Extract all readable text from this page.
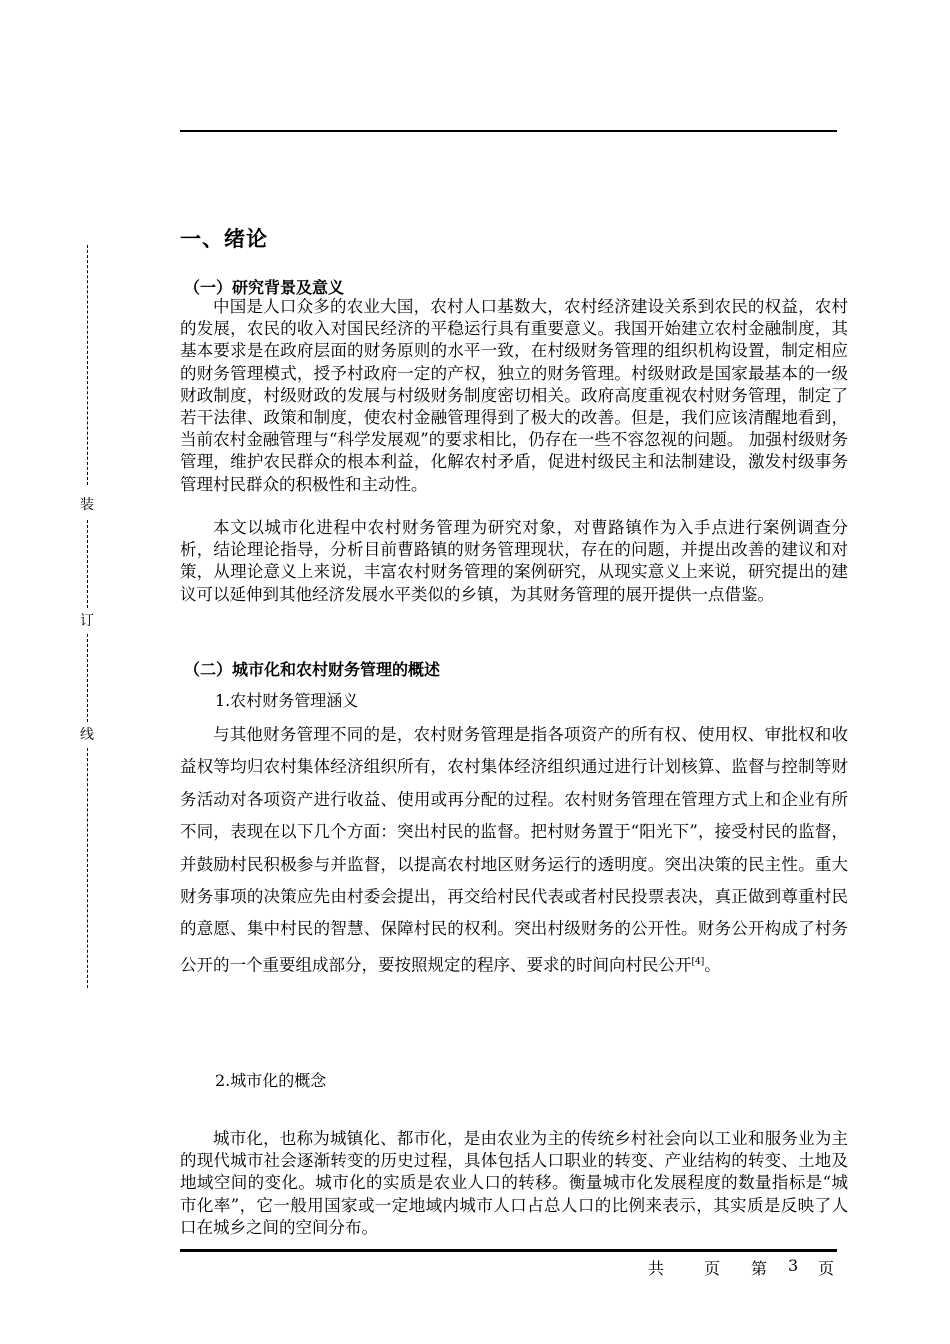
装
订
线
一、绪论
（一）研究背景及意义

中国是人口众多的农业大国，农村人口基数大，农村经济建设关系到农民的权益，农村的发展，农民的收入对国民经济的平稳运行具有重要意义。我国开始建立农村金融制度，其基本要求是在政府层面的财务原则的水平一致，在村级财务管理的组织机构设置，制定相应的财务管理模式，授予村政府一定的产权，独立的财务管理。村级财政是国家最基本的一级财政制度，村级财政的发展与村级财务制度密切相关。政府高度重视农村财务管理，制定了若干法律、政策和制度，使农村金融管理得到了极大的改善。但是，我们应该清醒地看到，当前农村金融管理与“科学发展观”的要求相比，仍存在一些不容忽视的问题。 加强村级财务管理，维护农民群众的根本利益，化解农村矛盾，促进村级民主和法制建设，激发村级事务管理村民群众的积极性和主动性。

本文以城市化进程中农村财务管理为研究对象，对曹路镇作为入手点进行案例调查分析，结论理论指导，分析目前曹路镇的财务管理现状，存在的问题，并提出改善的建议和对策，从理论意义上来说，丰富农村财务管理的案例研究，从现实意义上来说，研究提出的建议可以延伸到其他经济发展水平类似的乡镇，为其财务管理的展开提供一点借鉴。

（二）城市化和农村财务管理的概述
1.农村财务管理涵义

与其他财务管理不同的是，农村财务管理是指各项资产的所有权、使用权、审批权和收益权等均归农村集体经济组织所有，农村集体经济组织通过进行计划核算、监督与控制等财务活动对各项资产进行收益、使用或再分配的过程。农村财务管理在管理方式上和企业有所不同，表现在以下几个方面：突出村民的监督。把村财务置于“阳光下”，接受村民的监督，并鼓励村民积极参与并监督，以提高农村地区财务运行的透明度。突出决策的民主性。重大财务事项的决策应先由村委会提出，再交给村民代表或者村民投票表决，真正做到尊重村民的意愿、集中村民的智慧、保障村民的权利。突出村级财务的公开性。财务公开构成了村务公开的一个重要组成部分，要按照规定的程序、要求的时间向村民公开[4]。

2.城市化的概念

城市化，也称为城镇化、都市化，是由农业为主的传统乡村社会向以工业和服务业为主的现代城市社会逐渐转变的历史过程，具体包括人口职业的转变、产业结构的转变、土地及地域空间的变化。城市化的实质是农业人口的转移。衡量城市化发展程度的数量指标是“城市化率”，它一般用国家或一定地域内城市人口占总人口的比例来表示，其实质是反映了人口在城乡之间的空间分布。

共 页 第 3 页
